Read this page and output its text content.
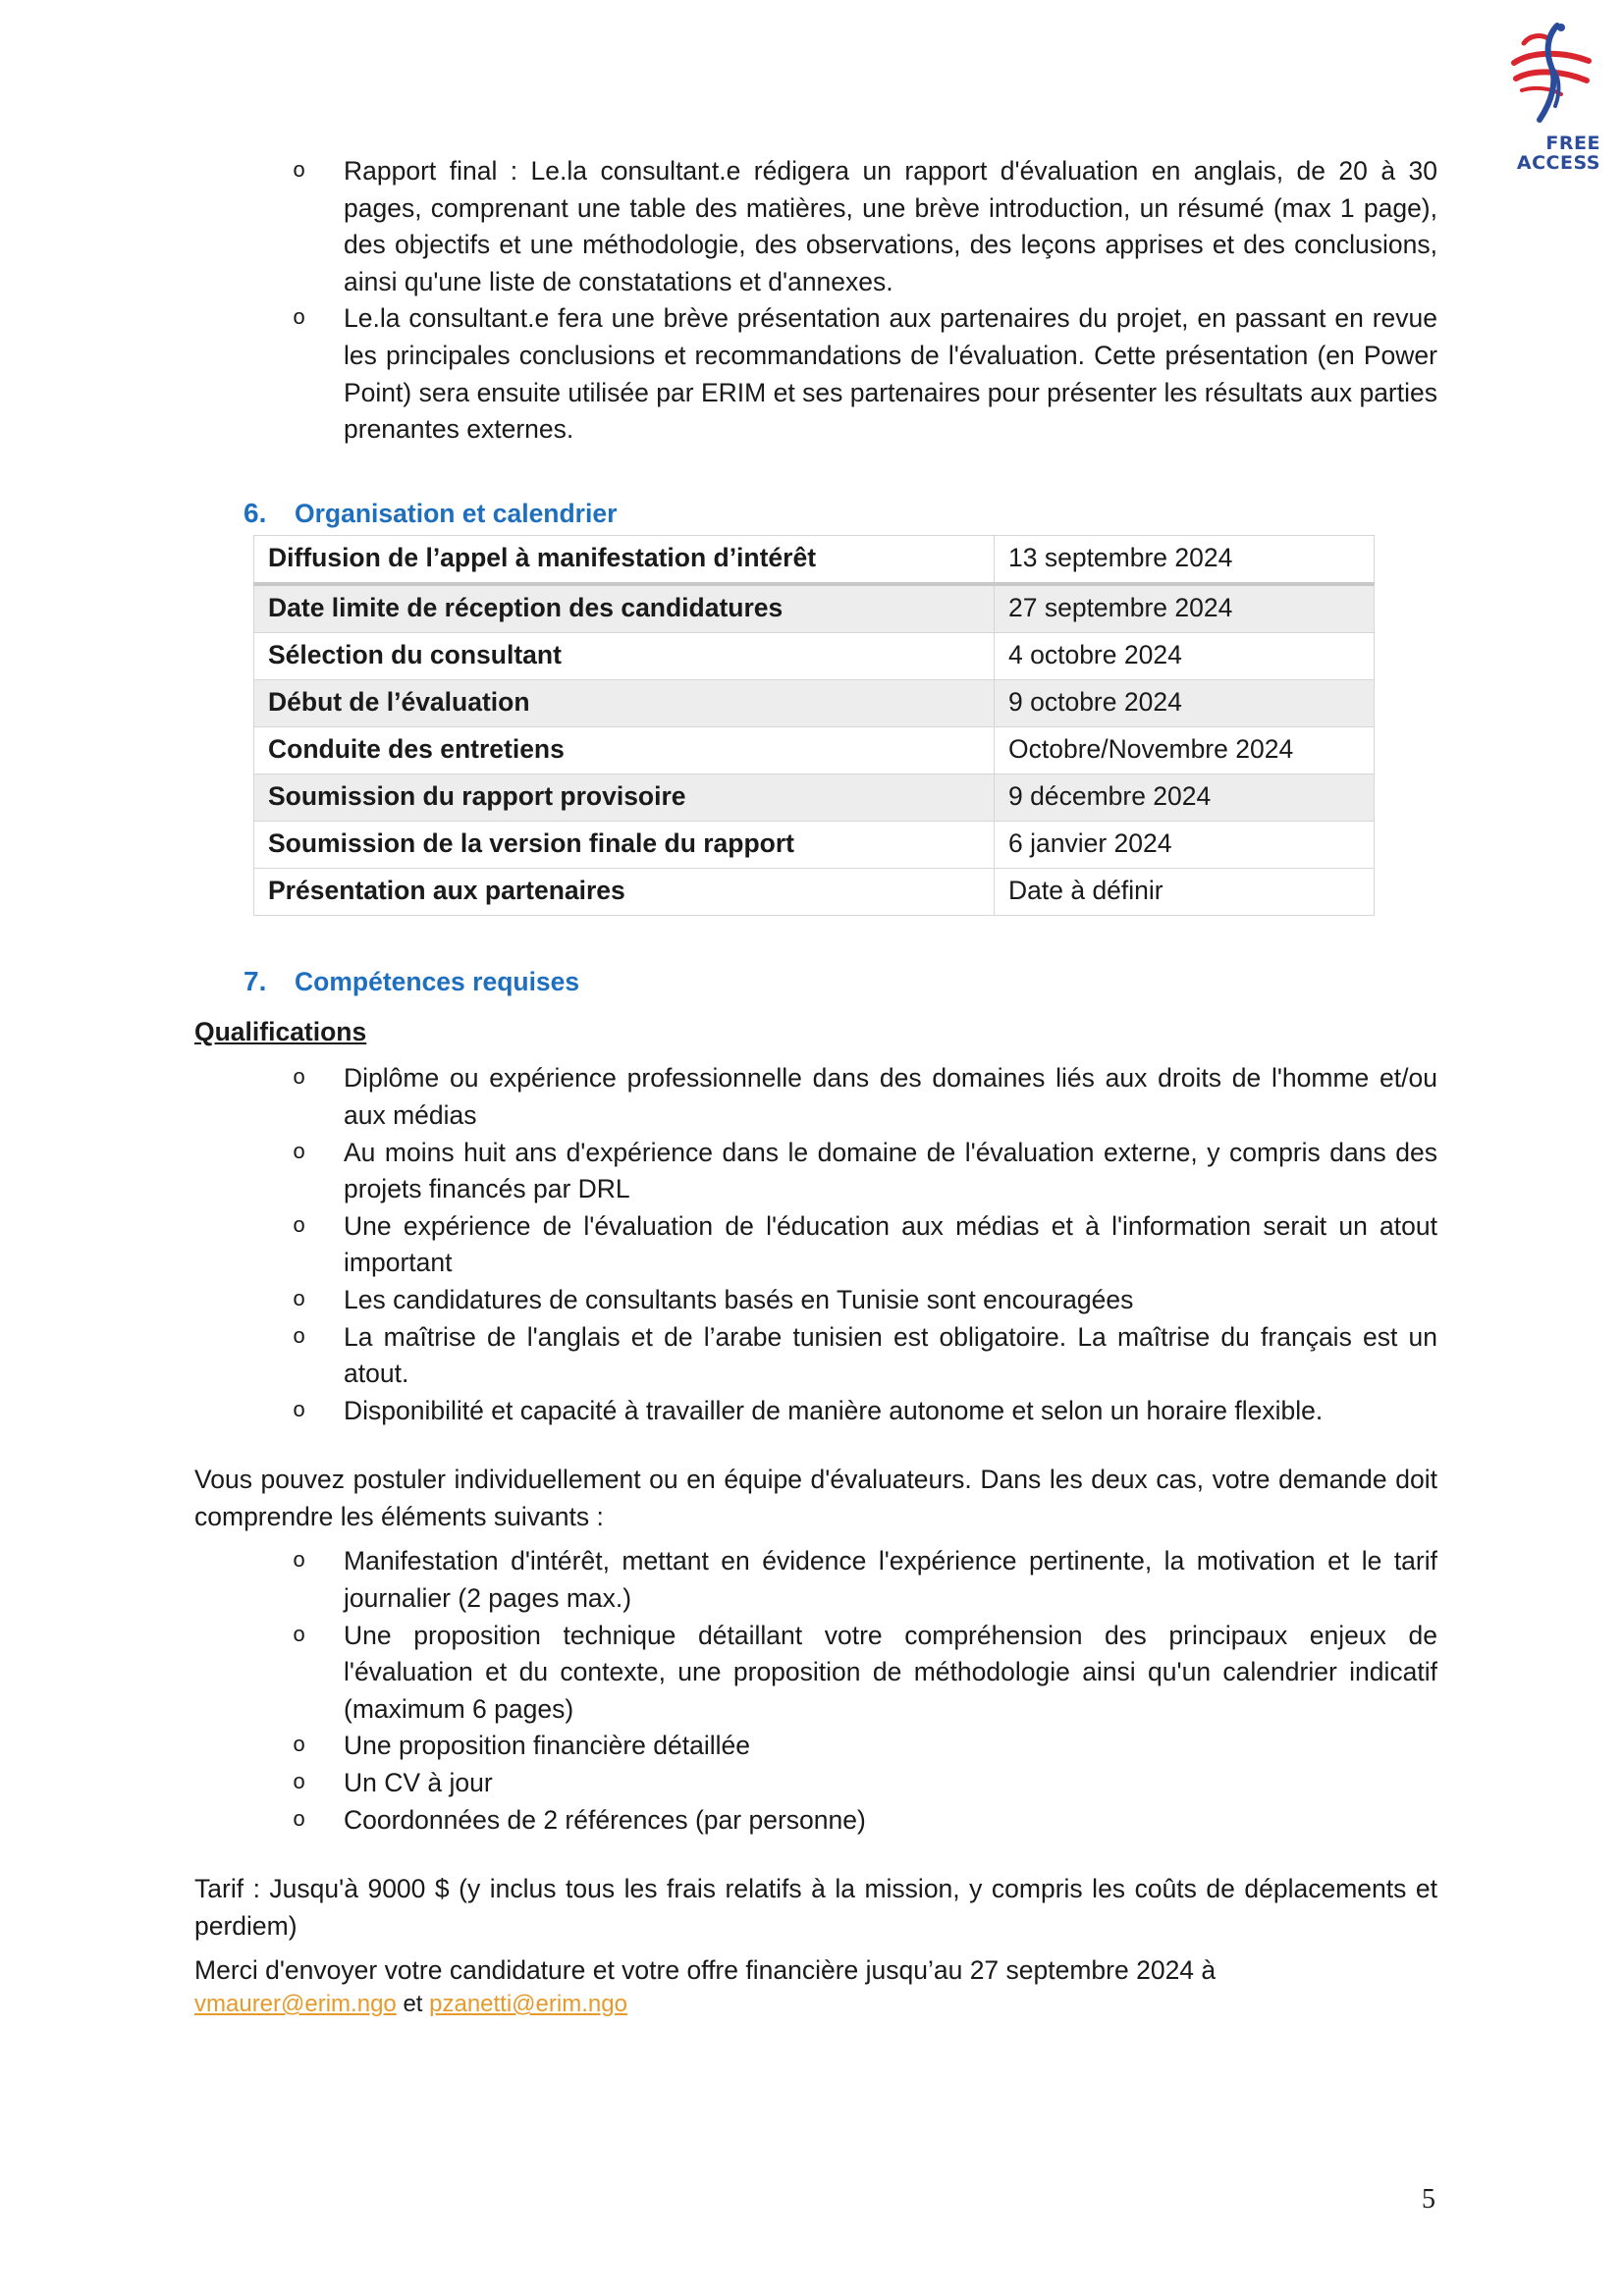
FREE ACCESS
o Rapport final : Le.la consultant.e rédigera un rapport d'évaluation en anglais, de 20 à 30 pages, comprenant une table des matières, une brève introduction, un résumé (max 1 page), des objectifs et une méthodologie, des observations, des leçons apprises et des conclusions, ainsi qu'une liste de constatations et d'annexes.
o Le.la consultant.e fera une brève présentation aux partenaires du projet, en passant en revue les principales conclusions et recommandations de l'évaluation. Cette présentation (en Power Point) sera ensuite utilisée par ERIM et ses partenaires pour présenter les résultats aux parties prenantes externes.
6. Organisation et calendrier
Diffusion de l’appel à manifestation d’intérêt	13 septembre 2024
Date limite de réception des candidatures	27 septembre 2024
Sélection du consultant	4 octobre 2024
Début de l’évaluation	9 octobre 2024
Conduite des entretiens	Octobre/Novembre 2024
Soumission du rapport provisoire	9 décembre 2024
Soumission de la version finale du rapport	6 janvier 2024
Présentation aux partenaires	Date à définir
7. Compétences requises

Qualifications

o Diplôme ou expérience professionnelle dans des domaines liés aux droits de l'homme et/ou aux médias
o Au moins huit ans d'expérience dans le domaine de l'évaluation externe, y compris dans des projets financés par DRL
o Une expérience de l'évaluation de l'éducation aux médias et à l'information serait un atout important
o Les candidatures de consultants basés en Tunisie sont encouragées
o La maîtrise de l'anglais et de l’arabe tunisien est obligatoire. La maîtrise du français est un atout.
o Disponibilité et capacité à travailler de manière autonome et selon un horaire flexible.

Vous pouvez postuler individuellement ou en équipe d'évaluateurs. Dans les deux cas, votre demande doit comprendre les éléments suivants :

o Manifestation d'intérêt, mettant en évidence l'expérience pertinente, la motivation et le tarif journalier (2 pages max.)
o Une proposition technique détaillant votre compréhension des principaux enjeux de l'évaluation et du contexte, une proposition de méthodologie ainsi qu'un calendrier indicatif (maximum 6 pages)
o Une proposition financière détaillée
o Un CV à jour
o Coordonnées de 2 références (par personne)

Tarif : Jusqu'à 9000 $ (y inclus tous les frais relatifs à la mission, y compris les coûts de déplacements et perdiem)

Merci d'envoyer votre candidature et votre offre financière jusqu’au 27 septembre 2024 à

vmaurer@erim.ngo et pzanetti@erim.ngo

5
